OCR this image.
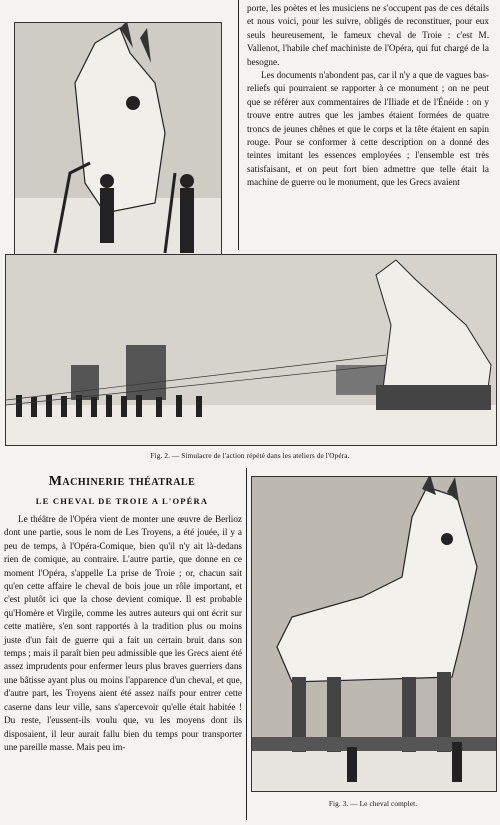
porte, les poètes et les musiciens ne s'occupent pas de ces détails et nous voici, pour les suivre, obligés de reconstituer, pour eux seuls heureusement, le fameux cheval de Troie : c'est M. Vallenot, l'habile chef machiniste de l'Opéra, qui fut chargé de la besogne.

Les documents n'abondent pas, car il n'y a que de vagues bas-reliefs qui pourraient se rapporter à ce monument ; on ne peut que se référer aux commentaires de l'Iliade et de l'Énéide : on y trouve entre autres que les jambes étaient formées de quatre troncs de jeunes chênes et que le corps et la tête étaient en sapin rouge. Pour se conformer à cette description on a donné des teintes imitant les essences employées ; l'ensemble est très satisfaisant, et on peut fort bien admettre que telle était la machine de guerre ou le monument, que les Grecs avaient

Fig. 2. — Simulacre de l'action répété dans les ateliers de l'Opéra.
Machinerie théatrale
LE CHEVAL DE TROIE A L'OPÉRA
Le théâtre de l'Opéra vient de monter une œuvre de Berlioz dont une partie, sous le nom de Les Troyens, a été jouée, il y a peu de temps, à l'Opéra-Comique, bien qu'il n'y ait là-dedans rien de comique, au contraire. L'autre partie, que donne en ce moment l'Opéra, s'appelle La prise de Troie ; or, chacun sait qu'en cette affaire le cheval de bois joue un rôle important, et c'est plutôt ici que la chose devient comique. Il est probable qu'Homère et Virgile, comme les autres auteurs qui ont écrit sur cette matière, s'en sont rapportés à la tradition plus ou moins juste d'un fait de guerre qui a fait un certain bruit dans son temps ; mais il paraît bien peu admissible que les Grecs aient été assez imprudents pour enfermer leurs plus braves guerriers dans une bâtisse ayant plus ou moins l'apparence d'un cheval, et que, d'autre part, les Troyens aient été assez naïfs pour entrer cette caserne dans leur ville, sans s'apercevoir qu'elle était habitée ! Du reste, l'eussent-ils voulu que, vu les moyens dont ils disposaient, il leur aurait fallu bien du temps pour transporter une pareille masse. Mais peu im-
Fig. 3. — Le cheval complet.
